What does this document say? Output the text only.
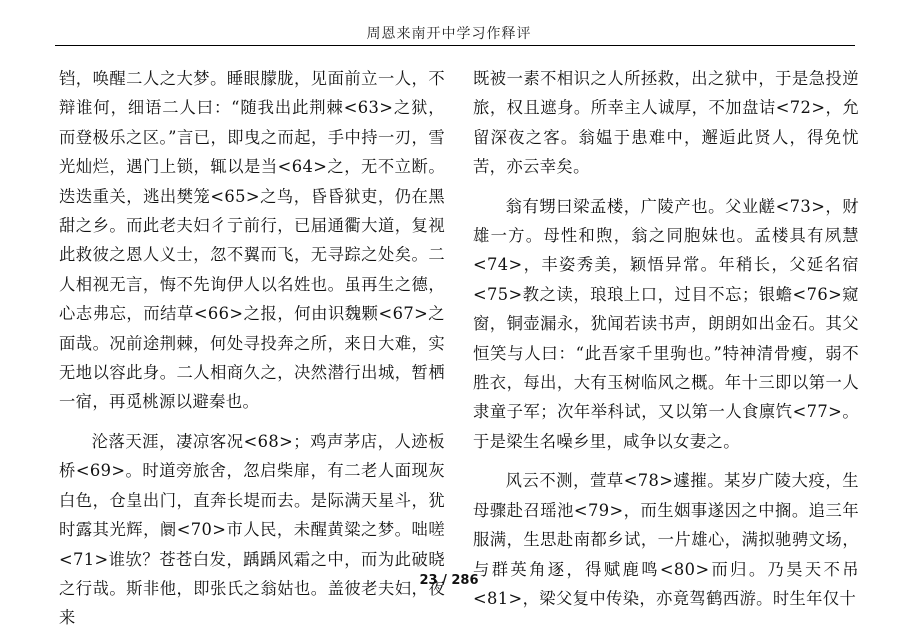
周恩来南开中学习作释评

铛，唤醒二人之大梦。睡眼朦胧，见面前立一人，不辩谁何，细语二人曰：“随我出此荆棘<63>之狱，而登极乐之区。”言已，即曳之而起，手中持一刃，雪光灿烂，遇门上锁，辄以是当<64>之，无不立断。迭迭重关，逃出樊笼<65>之鸟，昏昏狱吏，仍在黑甜之乡。而此老夫妇彳亍前行，已届通衢大道，复视此救彼之恩人义士，忽不翼而飞，无寻踪之处矣。二人相视无言，悔不先询伊人以名姓也。虽再生之德，心志弗忘，而结草<66>之报，何由识魏颗<67>之面哉。况前途荆棘，何处寻投奔之所，来日大难，实无地以容此身。二人相商久之，决然潜行出城，暂栖一宿，再觅桃源以避秦也。

沦落天涯，凄凉客况<68>；鸡声茅店，人迹板桥<69>。时道旁旅舍，忽启柴扉，有二老人面现灰白色，仓皇出门，直奔长堤而去。是际满天星斗，犹时露其光辉，阛<70>市人民，未醒黄粱之梦。咄嗟<71>谁欤？苍苍白发，踽踽风霜之中，而为此破晓之行哉。斯非他，即张氏之翁姑也。盖彼老夫妇，夜来

既被一素不相识之人所拯救，出之狱中，于是急投逆旅，权且遮身。所幸主人诚厚，不加盘诘<72>，允留深夜之客。翁媪于患难中，邂逅此贤人，得免忧苦，亦云幸矣。

翁有甥曰梁孟楼，广陵产也。父业鹾<73>，财雄一方。母性和煦，翁之同胞妹也。孟楼具有夙慧<74>，丰姿秀美，颖悟异常。年稍长，父延名宿<75>教之读，琅琅上口，过目不忘；银蟾<76>窥窗，铜壶漏永，犹闻若读书声，朗朗如出金石。其父恒笑与人曰：“此吾家千里驹也。”特神清骨瘦，弱不胜衣，每出，大有玉树临风之概。年十三即以第一人隶童子军；次年举科试，又以第一人食廪饩<77>。于是梁生名噪乡里，咸争以女妻之。

风云不测，萱草<78>遽摧。某岁广陵大疫，生母骤赴召瑶池<79>，而生姻事遂因之中搁。追三年服满，生思赴南都乡试，一片雄心，满拟驰骋文场，与群英角逐，得赋鹿鸣<80>而归。乃昊天不吊<81>，梁父复中传染，亦竟驾鹤西游。时生年仅十

23 / 286
